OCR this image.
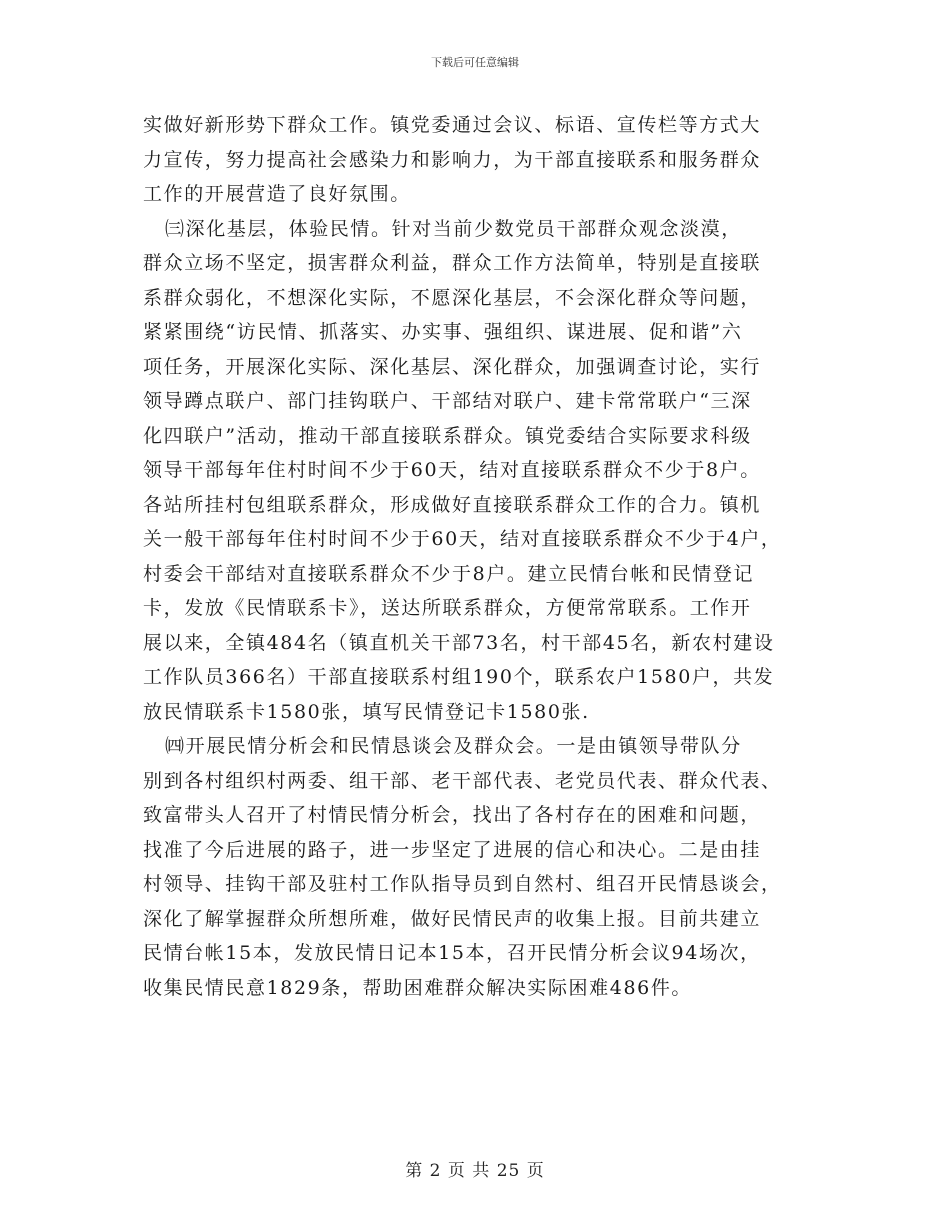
下载后可任意编辑
实做好新形势下群众工作。镇党委通过会议、标语、宣传栏等方式大
力宣传，努力提高社会感染力和影响力，为干部直接联系和服务群众
工作的开展营造了良好氛围。
㈢深化基层，体验民情。针对当前少数党员干部群众观念淡漠，
群众立场不坚定，损害群众利益，群众工作方法简单，特别是直接联
系群众弱化，不想深化实际，不愿深化基层，不会深化群众等问题，
紧紧围绕“访民情、抓落实、办实事、强组织、谋进展、促和谐”六
项任务，开展深化实际、深化基层、深化群众，加强调查讨论，实行
领导蹲点联户、部门挂钩联户、干部结对联户、建卡常常联户“三深
化四联户”活动，推动干部直接联系群众。镇党委结合实际要求科级
领导干部每年住村时间不少于60天，结对直接联系群众不少于8户。
各站所挂村包组联系群众，形成做好直接联系群众工作的合力。镇机
关一般干部每年住村时间不少于60天，结对直接联系群众不少于4户，
村委会干部结对直接联系群众不少于8户。建立民情台帐和民情登记
卡，发放《民情联系卡》，送达所联系群众，方便常常联系。工作开
展以来，全镇484名（镇直机关干部73名，村干部45名，新农村建设
工作队员366名）干部直接联系村组190个，联系农户1580户，共发
放民情联系卡1580张，填写民情登记卡1580张.
㈣开展民情分析会和民情恳谈会及群众会。一是由镇领导带队分
别到各村组织村两委、组干部、老干部代表、老党员代表、群众代表、
致富带头人召开了村情民情分析会，找出了各村存在的困难和问题，
找准了今后进展的路子，进一步坚定了进展的信心和决心。二是由挂
村领导、挂钩干部及驻村工作队指导员到自然村、组召开民情恳谈会，
深化了解掌握群众所想所难，做好民情民声的收集上报。目前共建立
民情台帐15本，发放民情日记本15本，召开民情分析会议94场次，
收集民情民意1829条，帮助困难群众解决实际困难486件。
第 2 页 共 25 页
